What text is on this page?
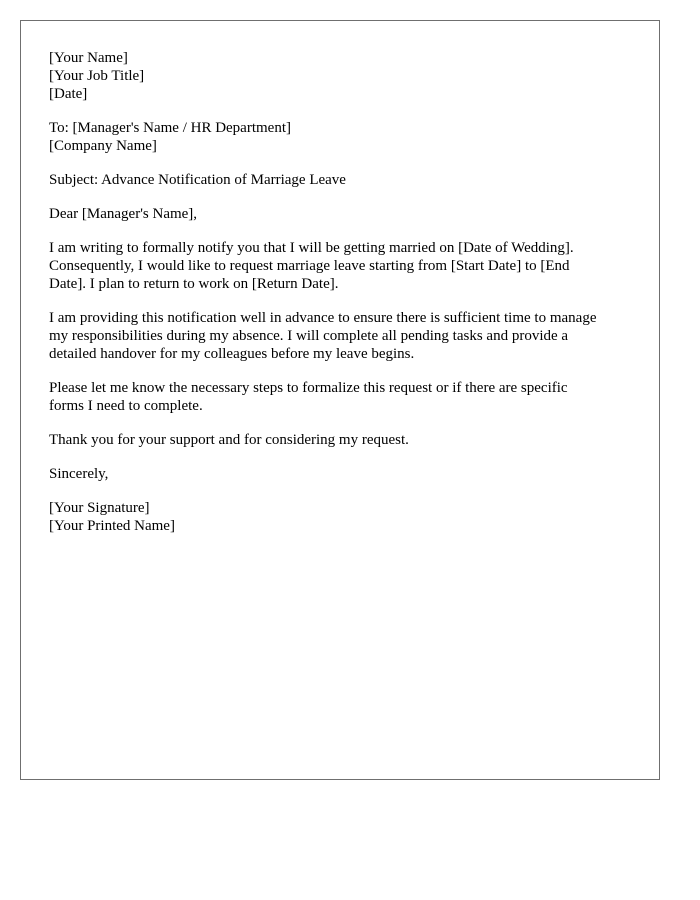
[Your Name]
[Your Job Title]
[Date]
To: [Manager's Name / HR Department]
[Company Name]

Subject: Advance Notification of Marriage Leave

Dear [Manager's Name],

I am writing to formally notify you that I will be getting married on [Date of Wedding].
Consequently, I would like to request marriage leave starting from [Start Date] to [End
Date]. I plan to return to work on [Return Date].

I am providing this notification well in advance to ensure there is sufficient time to manage
my responsibilities during my absence. I will complete all pending tasks and provide a
detailed handover for my colleagues before my leave begins.

Please let me know the necessary steps to formalize this request or if there are specific
forms I need to complete.

Thank you for your support and for considering my request.

Sincerely,

[Your Signature]
[Your Printed Name]
